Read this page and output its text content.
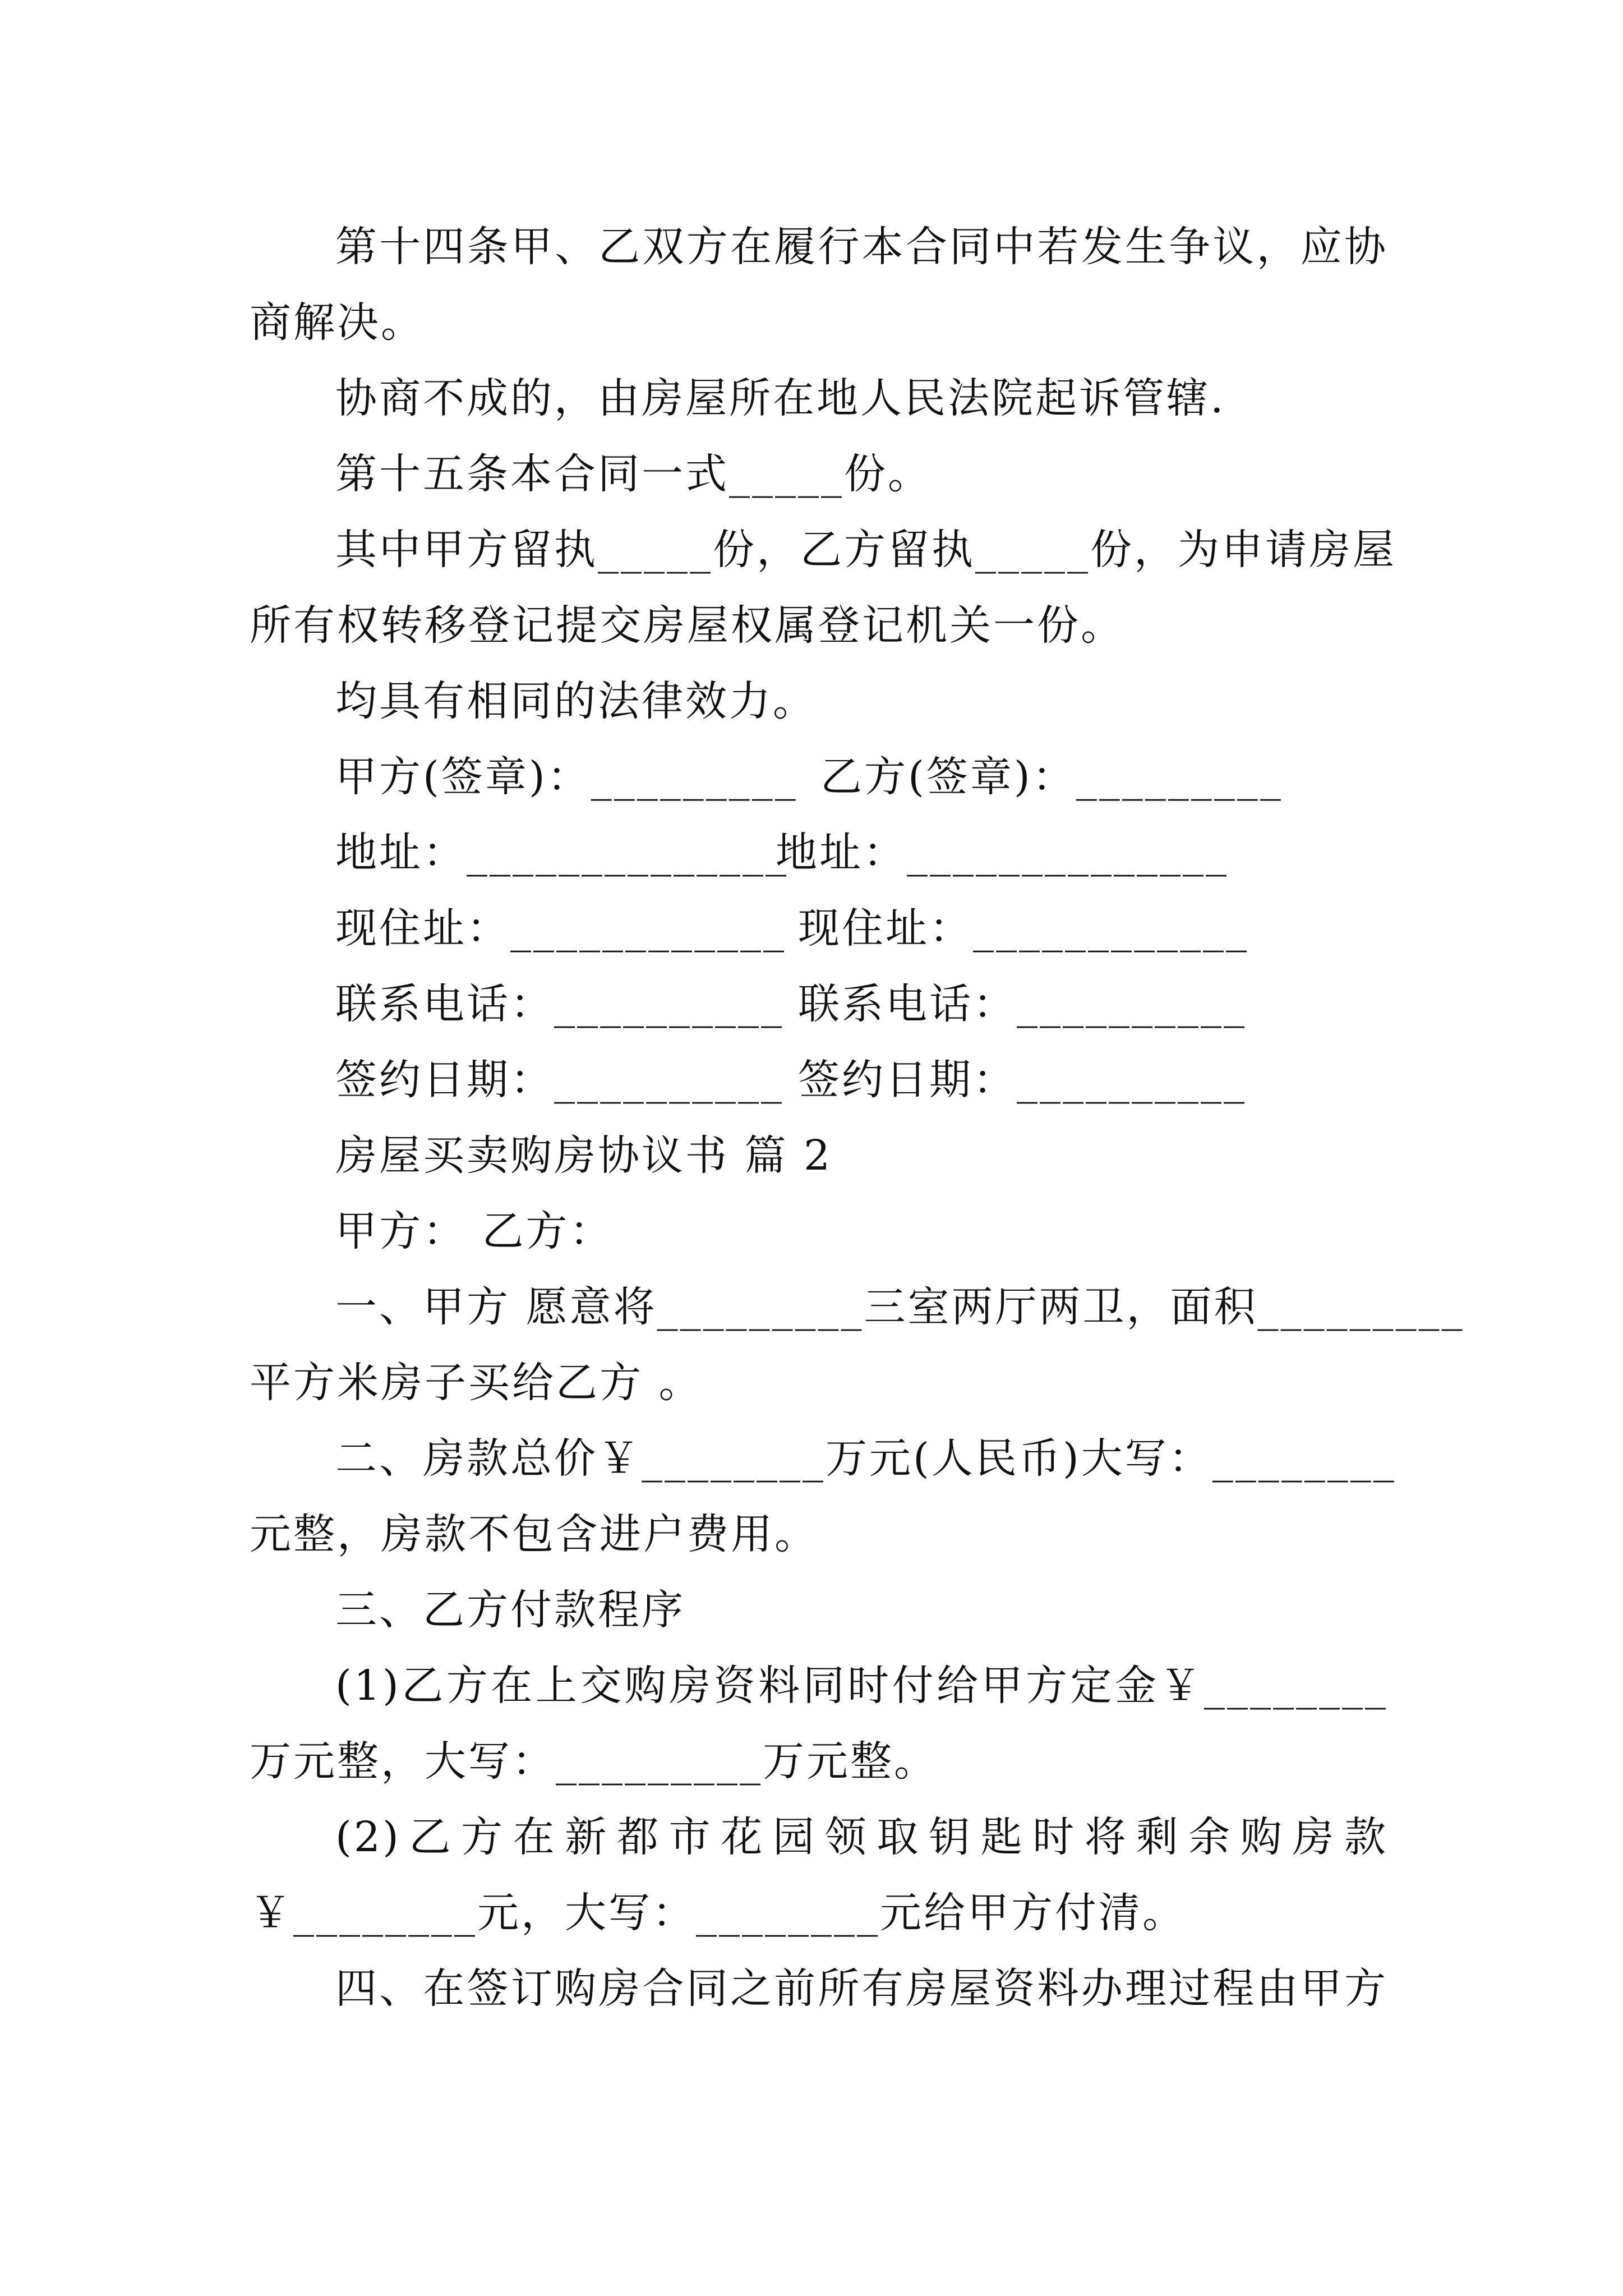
第十四条甲、乙双方在履行本合同中若发生争议，应协
商解决。
协商不成的，由房屋所在地人民法院起诉管辖.
第十五条本合同一式_____份。
其中甲方留执_____份，乙方留执_____份，为申请房屋
所有权转移登记提交房屋权属登记机关一份。
均具有相同的法律效力。
甲方(签章)：_________ 乙方(签章)：_________
地址：______________
地址：______________
现住址：____________ 现住址：____________
联系电话：__________ 联系电话：__________
签约日期：__________ 签约日期：__________
房屋买卖购房协议书 篇 2
甲方： 乙方：
一、甲方 愿意将_________三室两厅两卫，面积_________
平方米房子买给乙方 。
二、房款总价￥________万元(人民币)大写：________
元整，房款不包含进户费用。
三、乙方付款程序
(1)乙方在上交购房资料同时付给甲方定金￥________
万元整，大写：_________万元整。
(2)乙方在新都市花园领取钥匙时将剩余购房款
￥________元，大写：________元给甲方付清。
四、在签订购房合同之前所有房屋资料办理过程由甲方
